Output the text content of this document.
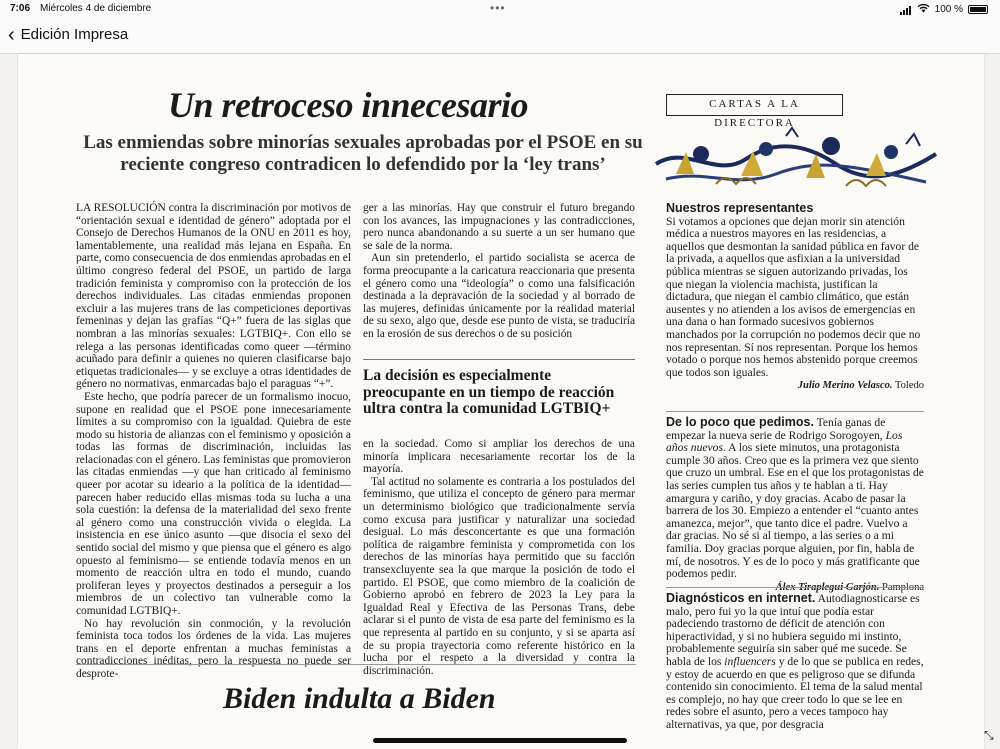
7:06 Miércoles 4 de diciembre	•••	100 %
‹ Edición Impresa
Un retroceso innecesario
Las enmiendas sobre minorías sexuales aprobadas por el PSOE en su reciente congreso contradicen lo defendido por la ‘ley trans’

LA RESOLUCIÓN contra la discriminación por motivos de “orientación sexual e identidad de género” adoptada por el Consejo de Derechos Humanos de la ONU en 2011 es hoy, lamentablemente, una realidad más lejana en España. En parte, como consecuencia de dos enmiendas aprobadas en el último congreso federal del PSOE, un partido de larga tradición feminista y compromiso con la protección de los derechos individuales. Las citadas enmiendas proponen excluir a las mujeres trans de las competiciones deportivas femeninas y dejan las grafías “Q+” fuera de las siglas que nombran a las minorías sexuales: LGTBIQ+. Con ello se relega a las personas identificadas como queer —término acuñado para definir a quienes no quieren clasificarse bajo etiquetas tradicionales— y se excluye a otras identidades de género no normativas, enmarcadas bajo el paraguas “+”.

Este hecho, que podría parecer de un formalismo inocuo, supone en realidad que el PSOE pone innecesariamente límites a su compromiso con la igualdad. Quiebra de este modo su historia de alianzas con el feminismo y oposición a todas las formas de discriminación, incluidas las relacionadas con el género. Las feministas que promovieron las citadas enmiendas —y que han criticado al feminismo queer por acotar su ideario a la política de la identidad— parecen haber reducido ellas mismas toda su lucha a una sola cuestión: la defensa de la materialidad del sexo frente al género como una construcción vivida o elegida. La insistencia en ese único asunto —que disocia el sexo del sentido social del mismo y que piensa que el género es algo opuesto al feminismo— se entiende todavía menos en un momento de reacción ultra en todo el mundo, cuando proliferan leyes y proyectos destinados a perseguir a los miembros de un colectivo tan vulnerable como la comunidad LGTBIQ+.

No hay revolución sin conmoción, y la revolución feminista toca todos los órdenes de la vida. Las mujeres trans en el deporte enfrentan a muchas feministas a contradicciones inéditas, pero la respuesta no puede ser desprote-

ger a las minorías. Hay que construir el futuro bregando con los avances, las impugnaciones y las contradicciones, pero nunca abandonando a su suerte a un ser humano que se sale de la norma.

Aun sin pretenderlo, el partido socialista se acerca de forma preocupante a la caricatura reaccionaria que presenta el género como una “ideología” o como una falsificación destinada a la depravación de la sociedad y al borrado de las mujeres, definidas únicamente por la realidad material de su sexo, algo que, desde ese punto de vista, se traduciría en la erosión de sus derechos o de su posición

La decisión es especialmente preocupante en un tiempo de reacción ultra contra la comunidad LGTBIQ+

en la sociedad. Como si ampliar los derechos de una minoría implicara necesariamente recortar los de la mayoría.

Tal actitud no solamente es contraria a los postulados del feminismo, que utiliza el concepto de género para mermar un determinismo biológico que tradicionalmente servía como excusa para justificar y naturalizar una sociedad desigual. Lo más desconcertante es que una formación política de raigambre feminista y comprometida con los derechos de las minorías haya permitido que su facción transexcluyente sea la que marque la posición de todo el partido. El PSOE, que como miembro de la coalición de Gobierno aprobó en febrero de 2023 la Ley para la Igualdad Real y Efectiva de las Personas Trans, debe aclarar si el punto de vista de esa parte del feminismo es la que representa al partido en su conjunto, y si se aparta así de su propia trayectoria como referente histórico en la lucha por el respeto a la diversidad y contra la discriminación.

Biden indulta a Biden
CARTAS A LA DIRECTORA
Nuestros representantes
Si votamos a opciones que dejan morir sin atención médica a nuestros mayores en las residencias, a aquellos que desmontan la sanidad pública en favor de la privada, a aquellos que asfixian a la universidad pública mientras se siguen autorizando privadas, los que niegan la violencia machista, justifican la dictadura, que niegan el cambio climático, que están ausentes y no atienden a los avisos de emergencias en una dana o han formado sucesivos gobiernos manchados por la corrupción no podemos decir que no nos representan. Sí nos representan. Porque los hemos votado o porque nos hemos abstenido porque creemos que todos son iguales.
Julio Merino Velasco. Toledo
De lo poco que pedimos. Tenía ganas de empezar la nueva serie de Rodrigo Sorogoyen, Los años nuevos. A los siete minutos, una protagonista cumple 30 años. Creo que es la primera vez que siento que cruzo un umbral. Ese en el que los protagonistas de las series cumplen tus años y te hablan a ti. Hay amargura y cariño, y doy gracias. Acabo de pasar la barrera de los 30. Empiezo a entender el “cuanto antes amanezca, mejor”, que tanto dice el padre. Vuelvo a dar gracias. No sé si al tiempo, a las series o a mi familia. Doy gracias porque alguien, por fin, habla de mí, de nosotros. Y es de lo poco y más gratificante que podemos pedir.
Álex Tiraplegui Garjón. Pamplona
Diagnósticos en internet. Autodiagnosticarse es malo, pero fui yo la que intuí que podía estar padeciendo trastorno de déficit de atención con hiperactividad, y si no hubiera seguido mi instinto, probablemente seguiría sin saber qué me sucede. Se habla de los influencers y de lo que se publica en redes, y estoy de acuerdo en que es peligroso que se difunda contenido sin conocimiento. El tema de la salud mental es complejo, no hay que creer todo lo que se lee en redes sobre el asunto, pero a veces tampoco hay alternativas, ya que, por desgracia
⤡
